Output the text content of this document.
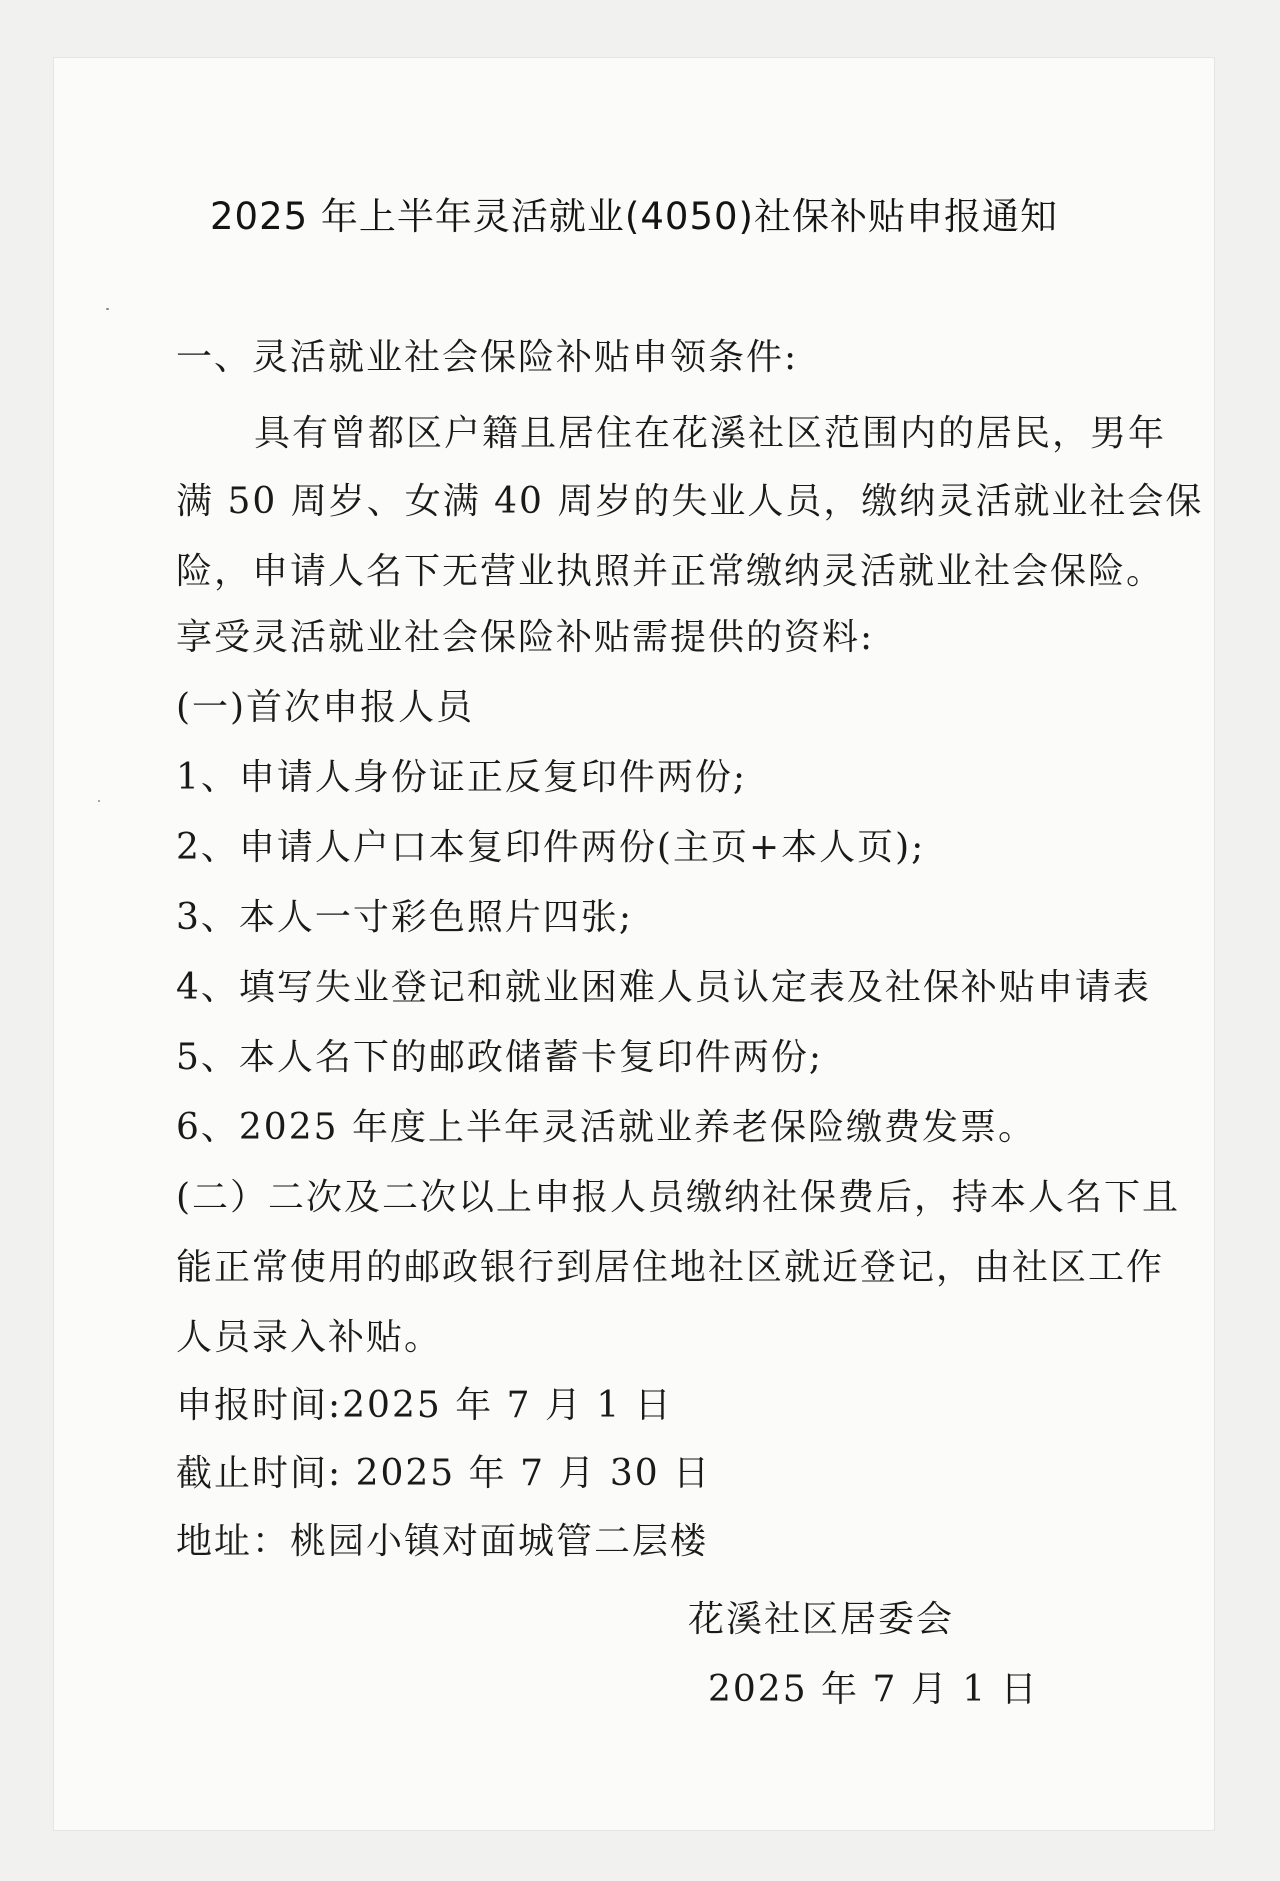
2025 年上半年灵活就业(4050)社保补贴申报通知
一、灵活就业社会保险补贴申领条件:
具有曾都区户籍且居住在花溪社区范围内的居民，男年
满 50 周岁、女满 40 周岁的失业人员，缴纳灵活就业社会保
险，申请人名下无营业执照并正常缴纳灵活就业社会保险。
享受灵活就业社会保险补贴需提供的资料:
(一)首次申报人员
1、申请人身份证正反复印件两份;
2、申请人户口本复印件两份(主页+本人页);
3、本人一寸彩色照片四张;
4、填写失业登记和就业困难人员认定表及社保补贴申请表
5、本人名下的邮政储蓄卡复印件两份;
6、2025 年度上半年灵活就业养老保险缴费发票。
(二）二次及二次以上申报人员缴纳社保费后，持本人名下且
能正常使用的邮政银行到居住地社区就近登记，由社区工作
人员录入补贴。
申报时间:2025 年 7 月 1 日
截止时间: 2025 年 7 月 30 日
地址：桃园小镇对面城管二层楼
花溪社区居委会
2025 年 7 月 1 日
